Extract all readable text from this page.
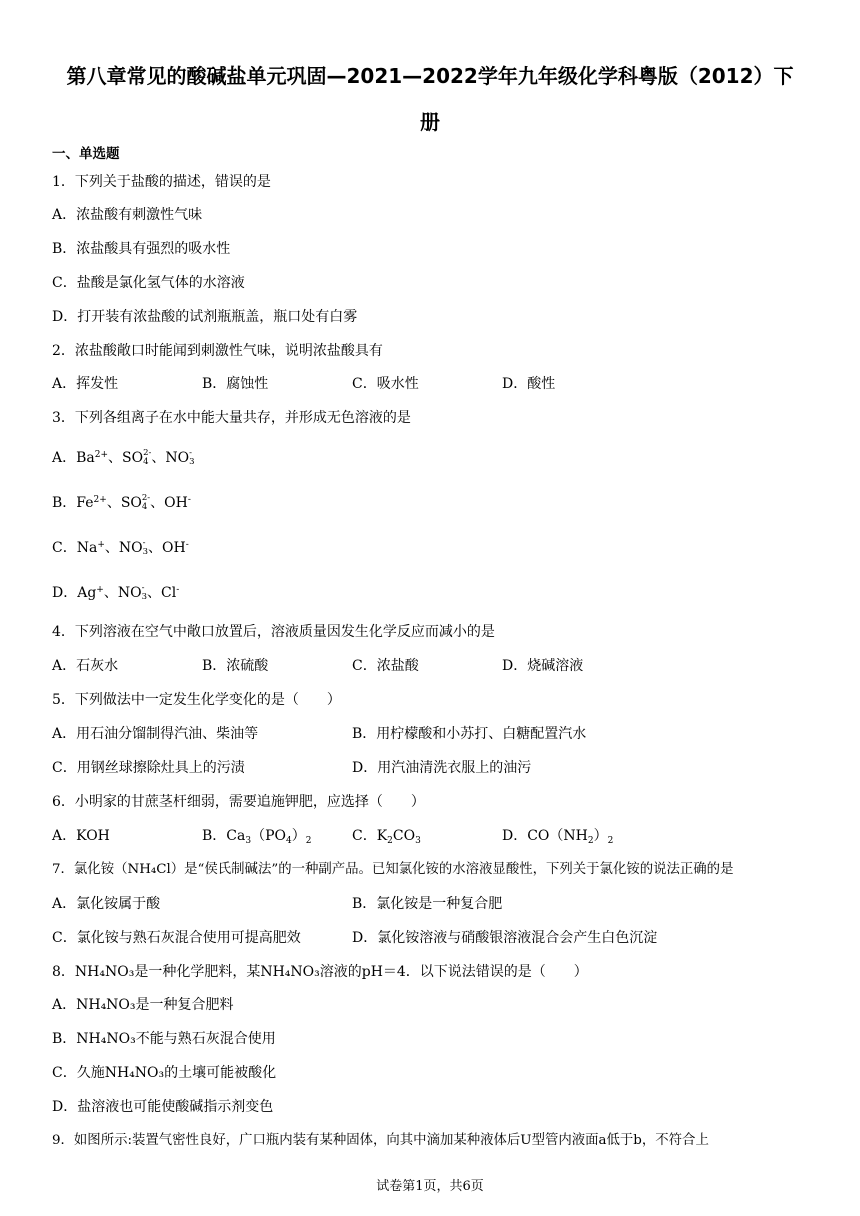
第八章常见的酸碱盐单元巩固—2021—2022学年九年级化学科粤版（2012）下
册
一、单选题
1．下列关于盐酸的描述，错误的是
A．浓盐酸有刺激性气味
B．浓盐酸具有强烈的吸水性
C．盐酸是氯化氢气体的水溶液
D．打开装有浓盐酸的试剂瓶瓶盖，瓶口处有白雾
2．浓盐酸敞口时能闻到刺激性气味，说明浓盐酸具有
A．挥发性	B．腐蚀性	C．吸水性	D．酸性
3．下列各组离子在水中能大量共存，并形成无色溶液的是
A．$Ba^{2+}$、SO 2-
4 、NO -
3
B．$Fe^{2+}$、SO 2-
4 、OH-
C．Na+、NO -
3 、OH-
D．Ag+、NO -
3 、Cl-
4．下列溶液在空气中敞口放置后，溶液质量因发生化学反应而减小的是
A．石灰水	B．浓硫酸	C．浓盐酸	D．烧碱溶液
5．下列做法中一定发生化学变化的是（　　）
A．用石油分馏制得汽油、柴油等	B．用柠檬酸和小苏打、白糖配置汽水
C．用钢丝球擦除灶具上的污渍	D．用汽油清洗衣服上的油污
6．小明家的甘蔗茎杆细弱，需要追施钾肥，应选择（　　）
A．KOH	B．$Ca_3(PO_4)_2$	C．$K_2CO_3$	D．$CO(NH_2)_2$
7．氯化铵（NH₄Cl）是“侯氏制碱法”的一种副产品。已知氯化铵的水溶液显酸性，下列关于氯化铵的说法正确的是
A．氯化铵属于酸	B．氯化铵是一种复合肥
C．氯化铵与熟石灰混合使用可提高肥效	D．氯化铵溶液与硝酸银溶液混合会产生白色沉淀
8．NH₄NO₃是一种化学肥料，某NH₄NO₃溶液的pH＝4．以下说法错误的是（　　）
A．NH₄NO₃是一种复合肥料
B．NH₄NO₃不能与熟石灰混合使用
C．久施NH₄NO₃的土壤可能被酸化
D．盐溶液也可能使酸碱指示剂变色
9．如图所示:装置气密性良好，广口瓶内装有某种固体，向其中滴加某种液体后U型管内液面a低于b，不符合上
试卷第1页，共6页
